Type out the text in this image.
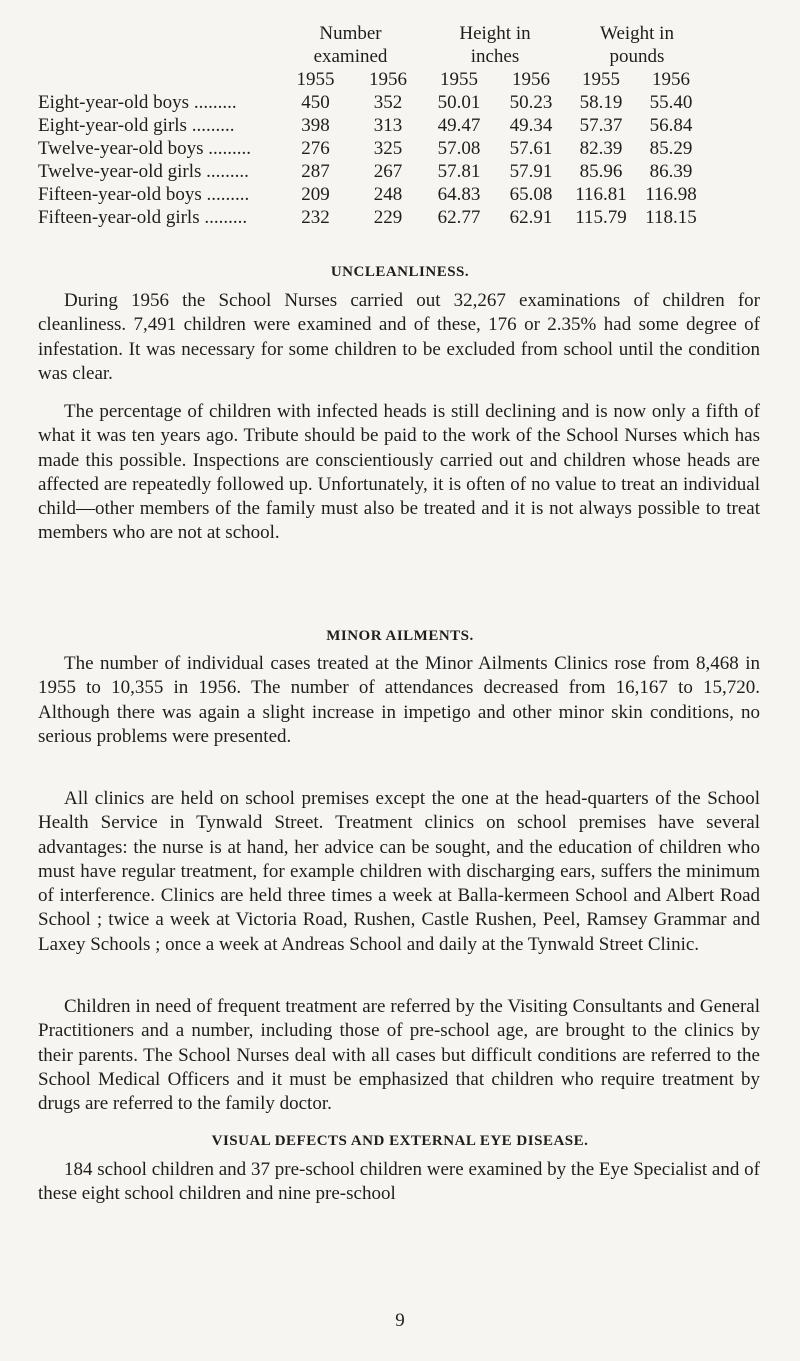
	Number		Height in		Weight in	
	examined		inches		pounds	
	1955	1956	1955	1956	1955	1956
Eight-year-old boys .....	450	352	50.01	50.23	58.19	55.40
Eight-year-old girls .....	398	313	49.47	49.34	57.37	56.84
Twelve-year-old boys .....	276	325	57.08	57.61	82.39	85.29
Twelve-year-old girls .....	287	267	57.81	57.91	85.96	86.39
Fifteen-year-old boys .....	209	248	64.83	65.08	116.81	116.98
Fifteen-year-old girls .....	232	229	62.77	62.91	115.79	118.15
UNCLEANLINESS.

During 1956 the School Nurses carried out 32,267 examinations of children for cleanliness. 7,491 children were examined and of these, 176 or 2.35% had some degree of infestation. It was necessary for some children to be excluded from school until the condition was clear.

The percentage of children with infected heads is still declining and is now only a fifth of what it was ten years ago. Tribute should be paid to the work of the School Nurses which has made this possible. Inspections are conscientiously carried out and children whose heads are affected are repeatedly followed up. Unfortunately, it is often of no value to treat an individual child—other members of the family must also be treated and it is not always possible to treat members who are not at school.

MINOR AILMENTS.

The number of individual cases treated at the Minor Ailments Clinics rose from 8,468 in 1955 to 10,355 in 1956. The number of attendances decreased from 16,167 to 15,720. Although there was again a slight increase in impetigo and other minor skin conditions, no serious problems were presented.

All clinics are held on school premises except the one at the head-quarters of the School Health Service in Tynwald Street. Treatment clinics on school premises have several advantages: the nurse is at hand, her advice can be sought, and the education of children who must have regular treatment, for example children with discharging ears, suffers the minimum of interference. Clinics are held three times a week at Balla-kermeen School and Albert Road School ; twice a week at Victoria Road, Rushen, Castle Rushen, Peel, Ramsey Grammar and Laxey Schools ; once a week at Andreas School and daily at the Tynwald Street Clinic.

Children in need of frequent treatment are referred by the Visiting Consultants and General Practitioners and a number, including those of pre-school age, are brought to the clinics by their parents. The School Nurses deal with all cases but difficult conditions are referred to the School Medical Officers and it must be emphasized that children who require treatment by drugs are referred to the family doctor.

VISUAL DEFECTS AND EXTERNAL EYE DISEASE.

184 school children and 37 pre-school children were examined by the Eye Specialist and of these eight school children and nine pre-school

9
